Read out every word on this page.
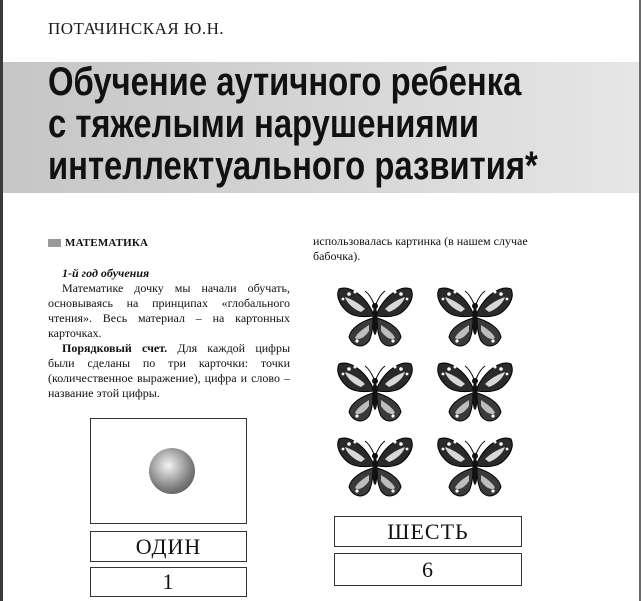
ПОТАЧИНСКАЯ Ю.Н.
Обучение аутичного ребенка
с тяжелыми нарушениями
интеллектуального развития*
МАТЕМАТИКА
1-й год обучения

Математике дочку мы начали обучать, основываясь на принципах «глобального чтения». Весь материал – на картонных карточках.

Порядковый счет. Для каждой цифры были сделаны по три карточки: точки (количественное выражение), цифра и слово – название этой цифры.

использовалась картинка (в нашем случае бабочка).
ОДИН
1
ШЕСТЬ
6
